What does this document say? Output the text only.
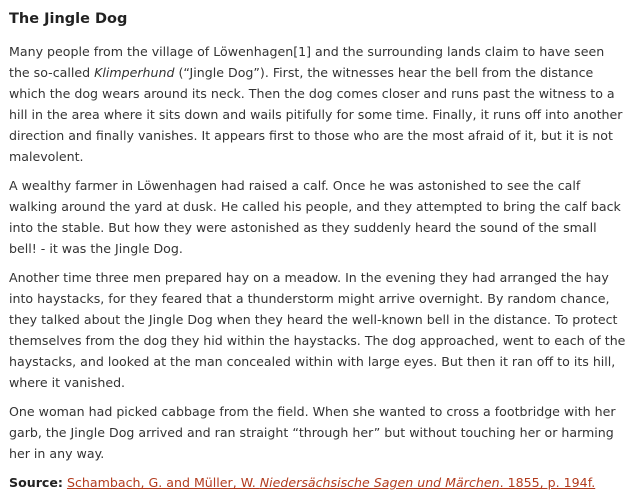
The Jingle Dog

Many people from the village of Löwenhagen[1] and the surrounding lands claim to have seen the so-called Klimperhund (“Jingle Dog”). First, the witnesses hear the bell from the distance which the dog wears around its neck. Then the dog comes closer and runs past the witness to a hill in the area where it sits down and wails pitifully for some time. Finally, it runs off into another direction and finally vanishes. It appears first to those who are the most afraid of it, but it is not malevolent.

A wealthy farmer in Löwenhagen had raised a calf. Once he was astonished to see the calf walking around the yard at dusk. He called his people, and they attempted to bring the calf back into the stable. But how they were astonished as they suddenly heard the sound of the small bell! - it was the Jingle Dog.

Another time three men prepared hay on a meadow. In the evening they had arranged the hay into haystacks, for they feared that a thunderstorm might arrive overnight. By random chance, they talked about the Jingle Dog when they heard the well-known bell in the distance. To protect themselves from the dog they hid within the haystacks. The dog approached, went to each of the haystacks, and looked at the man concealed within with large eyes. But then it ran off to its hill, where it vanished.

One woman had picked cabbage from the field. When she wanted to cross a footbridge with her garb, the Jingle Dog arrived and ran straight “through her” but without touching her or harming her in any way.

Source: Schambach, G. and Müller, W. Niedersächsische Sagen und Märchen. 1855, p. 194f.
